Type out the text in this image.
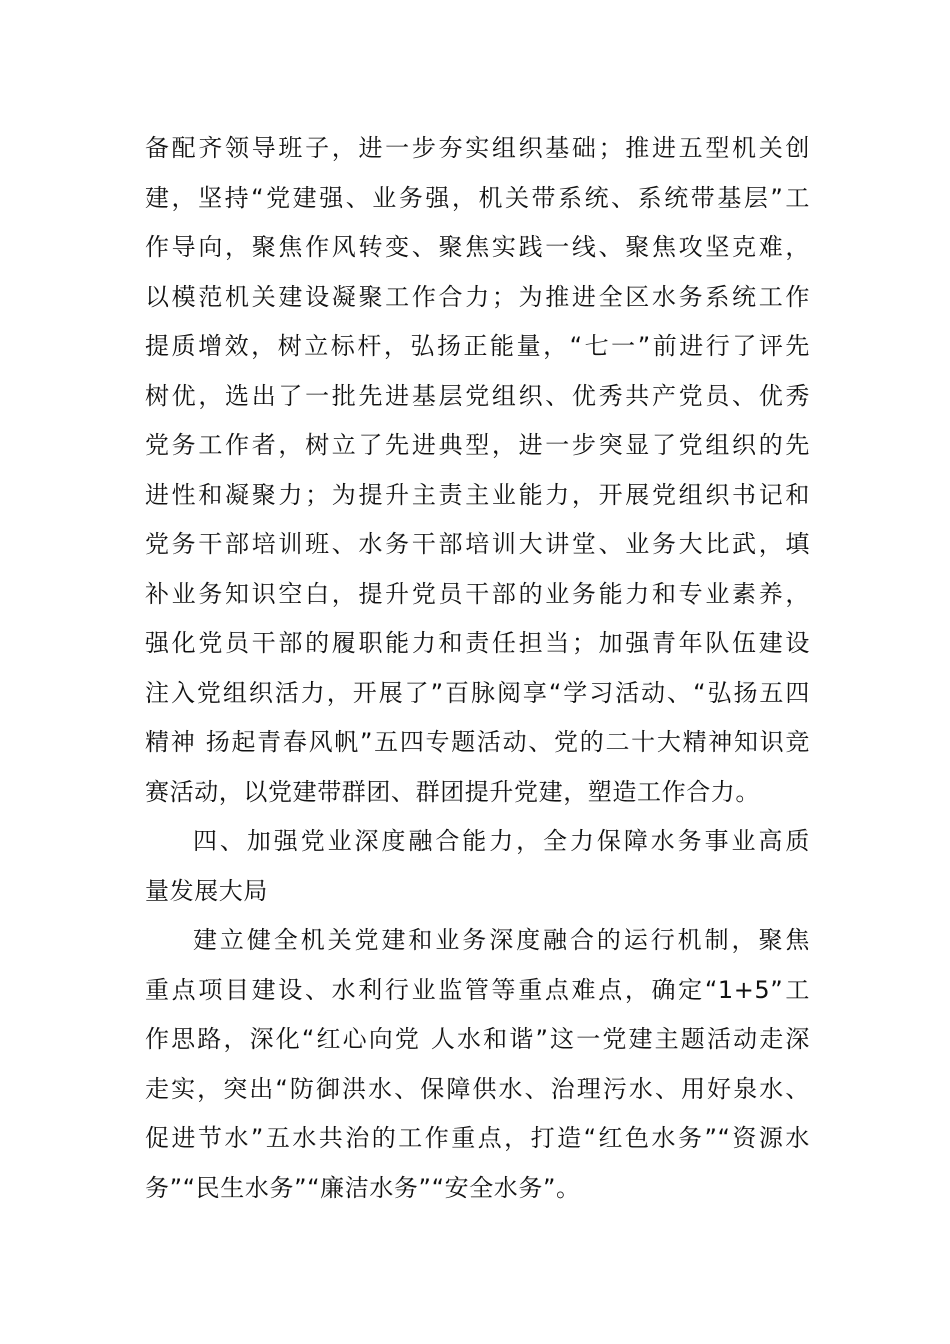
备配齐领导班子，进一步夯实组织基础；推进五型机关创
建，坚持“党建强、业务强，机关带系统、系统带基层”工
作导向，聚焦作风转变、聚焦实践一线、聚焦攻坚克难，
以模范机关建设凝聚工作合力；为推进全区水务系统工作
提质增效，树立标杆，弘扬正能量，“七一”前进行了评先
树优，选出了一批先进基层党组织、优秀共产党员、优秀
党务工作者，树立了先进典型，进一步突显了党组织的先
进性和凝聚力；为提升主责主业能力，开展党组织书记和
党务干部培训班、水务干部培训大讲堂、业务大比武，填
补业务知识空白，提升党员干部的业务能力和专业素养，
强化党员干部的履职能力和责任担当；加强青年队伍建设
注入党组织活力，开展了”百脉阅享“学习活动、“弘扬五四
精神 扬起青春风帆”五四专题活动、党的二十大精神知识竞
赛活动，以党建带群团、群团提升党建，塑造工作合力。
四、加强党业深度融合能力，全力保障水务事业高质
量发展大局
建立健全机关党建和业务深度融合的运行机制，聚焦
重点项目建设、水利行业监管等重点难点，确定“1+5”工
作思路，深化“红心向党 人水和谐”这一党建主题活动走深
走实，突出“防御洪水、保障供水、治理污水、用好泉水、
促进节水”五水共治的工作重点，打造“红色水务”“资源水
务”“民生水务”“廉洁水务”“安全水务”。
